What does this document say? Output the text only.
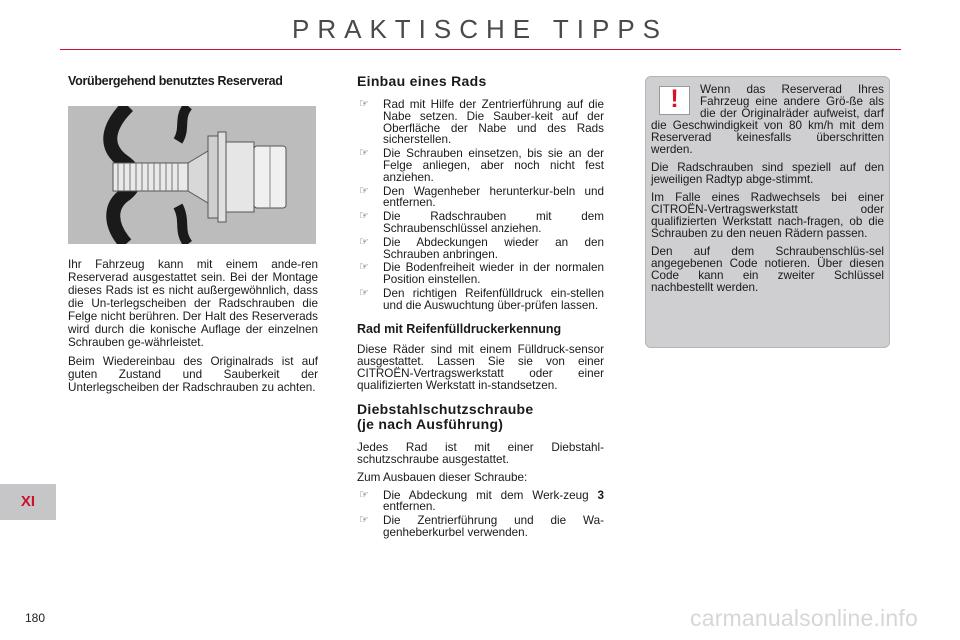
PRAKTISCHE TIPPS
Vorübergehend benutztes Reserverad

Ihr Fahrzeug kann mit einem ande-ren Reserverad ausgestattet sein. Bei der Montage dieses Rads ist es nicht außergewöhnlich, dass die Un-terlegscheiben der Radschrauben die Felge nicht berühren. Der Halt des Reserverads wird durch die konische Auflage der einzelnen Schrauben ge-währleistet.

Beim Wiedereinbau des Originalrads ist auf guten Zustand und Sauberkeit der Unterlegscheiben der Radschrauben zu achten.

Einbau eines Rads
☞ Rad mit Hilfe der Zentrierführung auf die Nabe setzen. Die Sauber-keit auf der Oberfläche der Nabe und des Rads sicherstellen.
☞ Die Schrauben einsetzen, bis sie an der Felge anliegen, aber noch nicht fest anziehen.
☞ Den Wagenheber herunterkur-beln und entfernen.
☞ Die Radschrauben mit dem Schraubenschlüssel anziehen.
☞ Die Abdeckungen wieder an den Schrauben anbringen.
☞ Die Bodenfreiheit wieder in der normalen Position einstellen.
☞ Den richtigen Reifenfülldruck ein-stellen und die Auswuchtung über-prüfen lassen.
Rad mit Reifenfülldruckerkennung

Diese Räder sind mit einem Fülldruck-sensor ausgestattet. Lassen Sie sie von einer CITROËN-Vertragswerkstatt oder einer qualifizierten Werkstatt in-standsetzen.

Diebstahlschutzschraube
(je nach Ausführung)

Jedes Rad ist mit einer Diebstahl-schutzschraube ausgestattet.

Zum Ausbauen dieser Schraube:

☞ Die Abdeckung mit dem Werk-zeug 3 entfernen.
☞ Die Zentrierführung und die Wa-genheberkurbel verwenden.
!	Wenn das Reserverad Ihres Fahrzeug eine andere Grö-ße als die der Originalräder aufweist, darf die Geschwindigkeit von 80 km/h mit dem Reserverad keinesfalls überschritten werden.

Die Radschrauben sind speziell auf den jeweiligen Radtyp abge-stimmt.

Im Falle eines Radwechsels bei einer CITROËN-Vertragswerkstatt oder qualifizierten Werkstatt nach-fragen, ob die Schrauben zu den neuen Rädern passen.

Den auf dem Schraubenschlüs-sel angegebenen Code notieren. Über diesen Code kann ein zweiter Schlüssel nachbestellt werden.

XI
180	carmanualsonline.info
